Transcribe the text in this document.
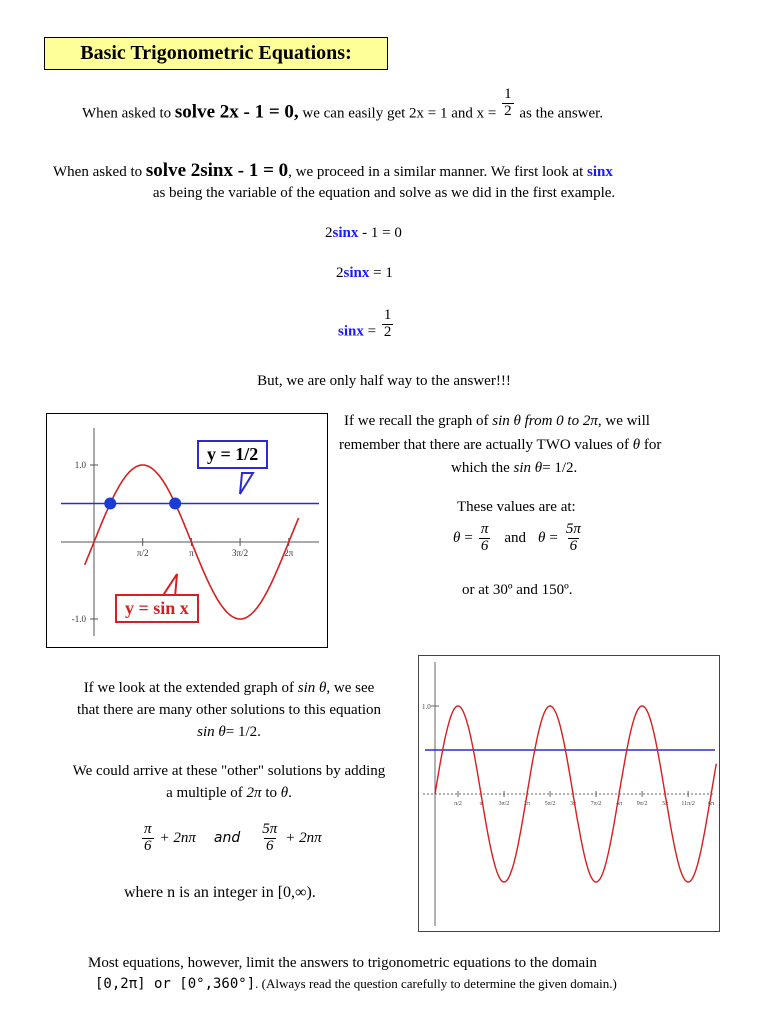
Basic Trigonometric Equations:
When asked to solve 2x - 1 = 0, we can easily get 2x = 1 and $x = \frac{1}{2}$ as the answer.
When asked to solve 2sinx - 1 = 0, we proceed in a similar manner. We first look at sinx
as being the variable of the equation and solve as we did in the first example.
2sinx - 1 = 0
2sinx = 1
$\sin x = \frac{1}{2}$
But, we are only half way to the answer!!!
1.0
-1.0
π/2	π	3π/2	2π
y = 1/2
y = sin x
If we recall the graph of sin θ from 0 to 2π, we will
remember that there are actually TWO values of θ for
which the sin θ= 1/2.
These values are at:
$\theta = \frac{\pi}{6}$ and $\theta = \frac{5\pi}{6}$
or at 30º and 150º.
If we look at the extended graph of sin θ, we see
that there are many other solutions to this equation
sin θ= 1/2.
We could arrive at these "other" solutions by adding
a multiple of 2π to θ.
$\frac{\pi}{6} + 2n\pi$ and $\frac{5\pi}{6} + 2n\pi$
where n is an integer in [0,∞).
1.0
π/2	π	3π/2 2π 5π/2 3π 7π/2 4π 9π/2 5π 11π/2 6π
Most equations, however, limit the answers to trigonometric equations to the domain
[0,2π] or [0°,360°]. (Always read the question carefully to determine the given domain.)
